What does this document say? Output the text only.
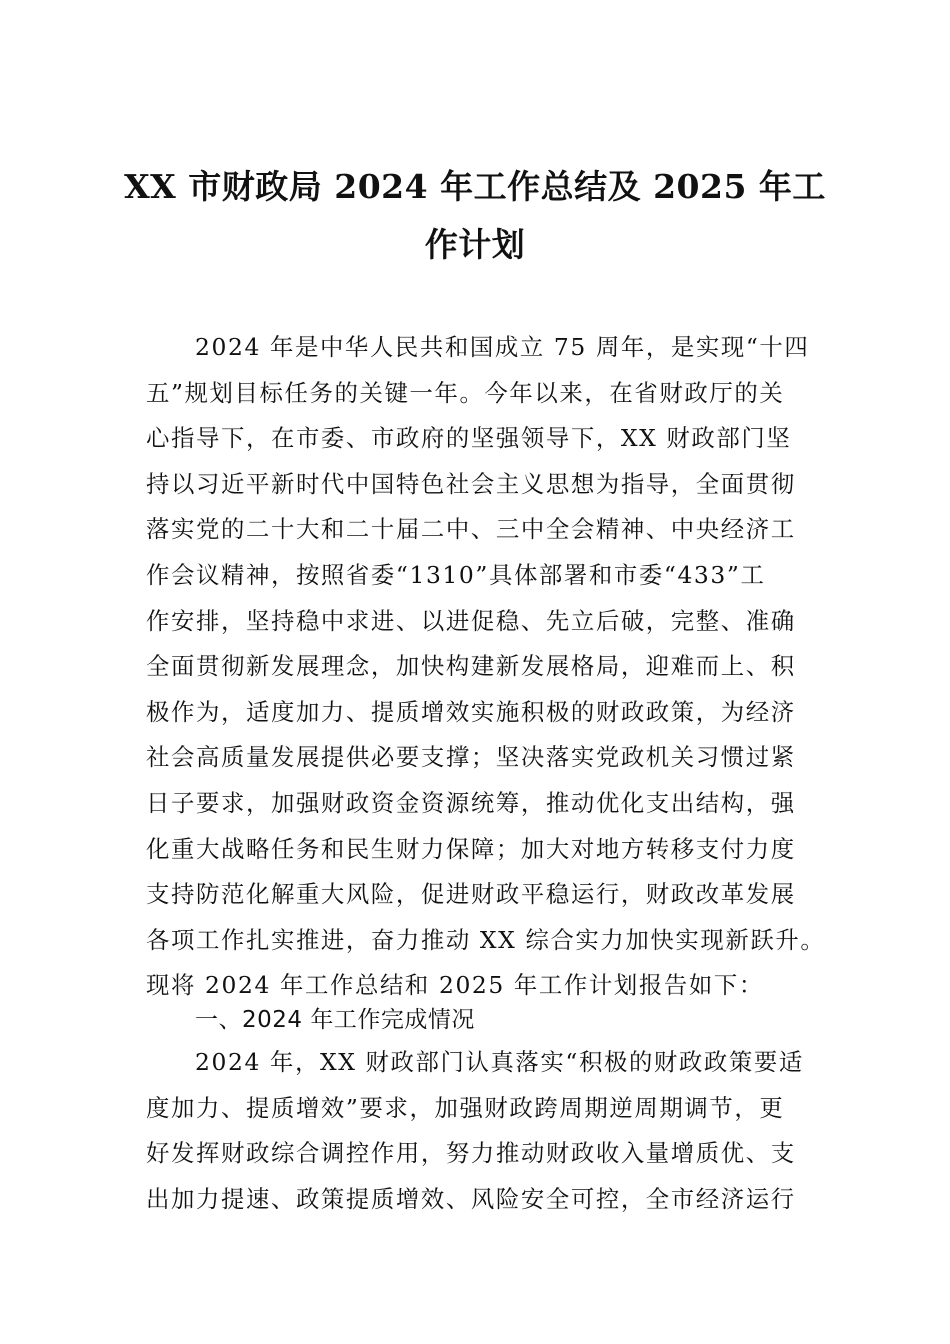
XX 市财政局 2024 年工作总结及 2025 年工
作计划
2024 年是中华人民共和国成立 75 周年，是实现“十四
五”规划目标任务的关键一年。今年以来，在省财政厅的关
心指导下，在市委、市政府的坚强领导下，XX 财政部门坚
持以习近平新时代中国特色社会主义思想为指导，全面贯彻
落实党的二十大和二十届二中、三中全会精神、中央经济工
作会议精神，按照省委“1310”具体部署和市委“433”工
作安排，坚持稳中求进、以进促稳、先立后破，完整、准确
全面贯彻新发展理念，加快构建新发展格局，迎难而上、积
极作为，适度加力、提质增效实施积极的财政政策，为经济
社会高质量发展提供必要支撑；坚决落实党政机关习惯过紧
日子要求，加强财政资金资源统筹，推动优化支出结构，强
化重大战略任务和民生财力保障；加大对地方转移支付力度
支持防范化解重大风险，促进财政平稳运行，财政改革发展
各项工作扎实推进，奋力推动 XX 综合实力加快实现新跃升。
现将 2024 年工作总结和 2025 年工作计划报告如下：
一、2024 年工作完成情况
2024 年，XX 财政部门认真落实“积极的财政政策要适
度加力、提质增效”要求，加强财政跨周期逆周期调节，更
好发挥财政综合调控作用，努力推动财政收入量增质优、支
出加力提速、政策提质增效、风险安全可控，全市经济运行
